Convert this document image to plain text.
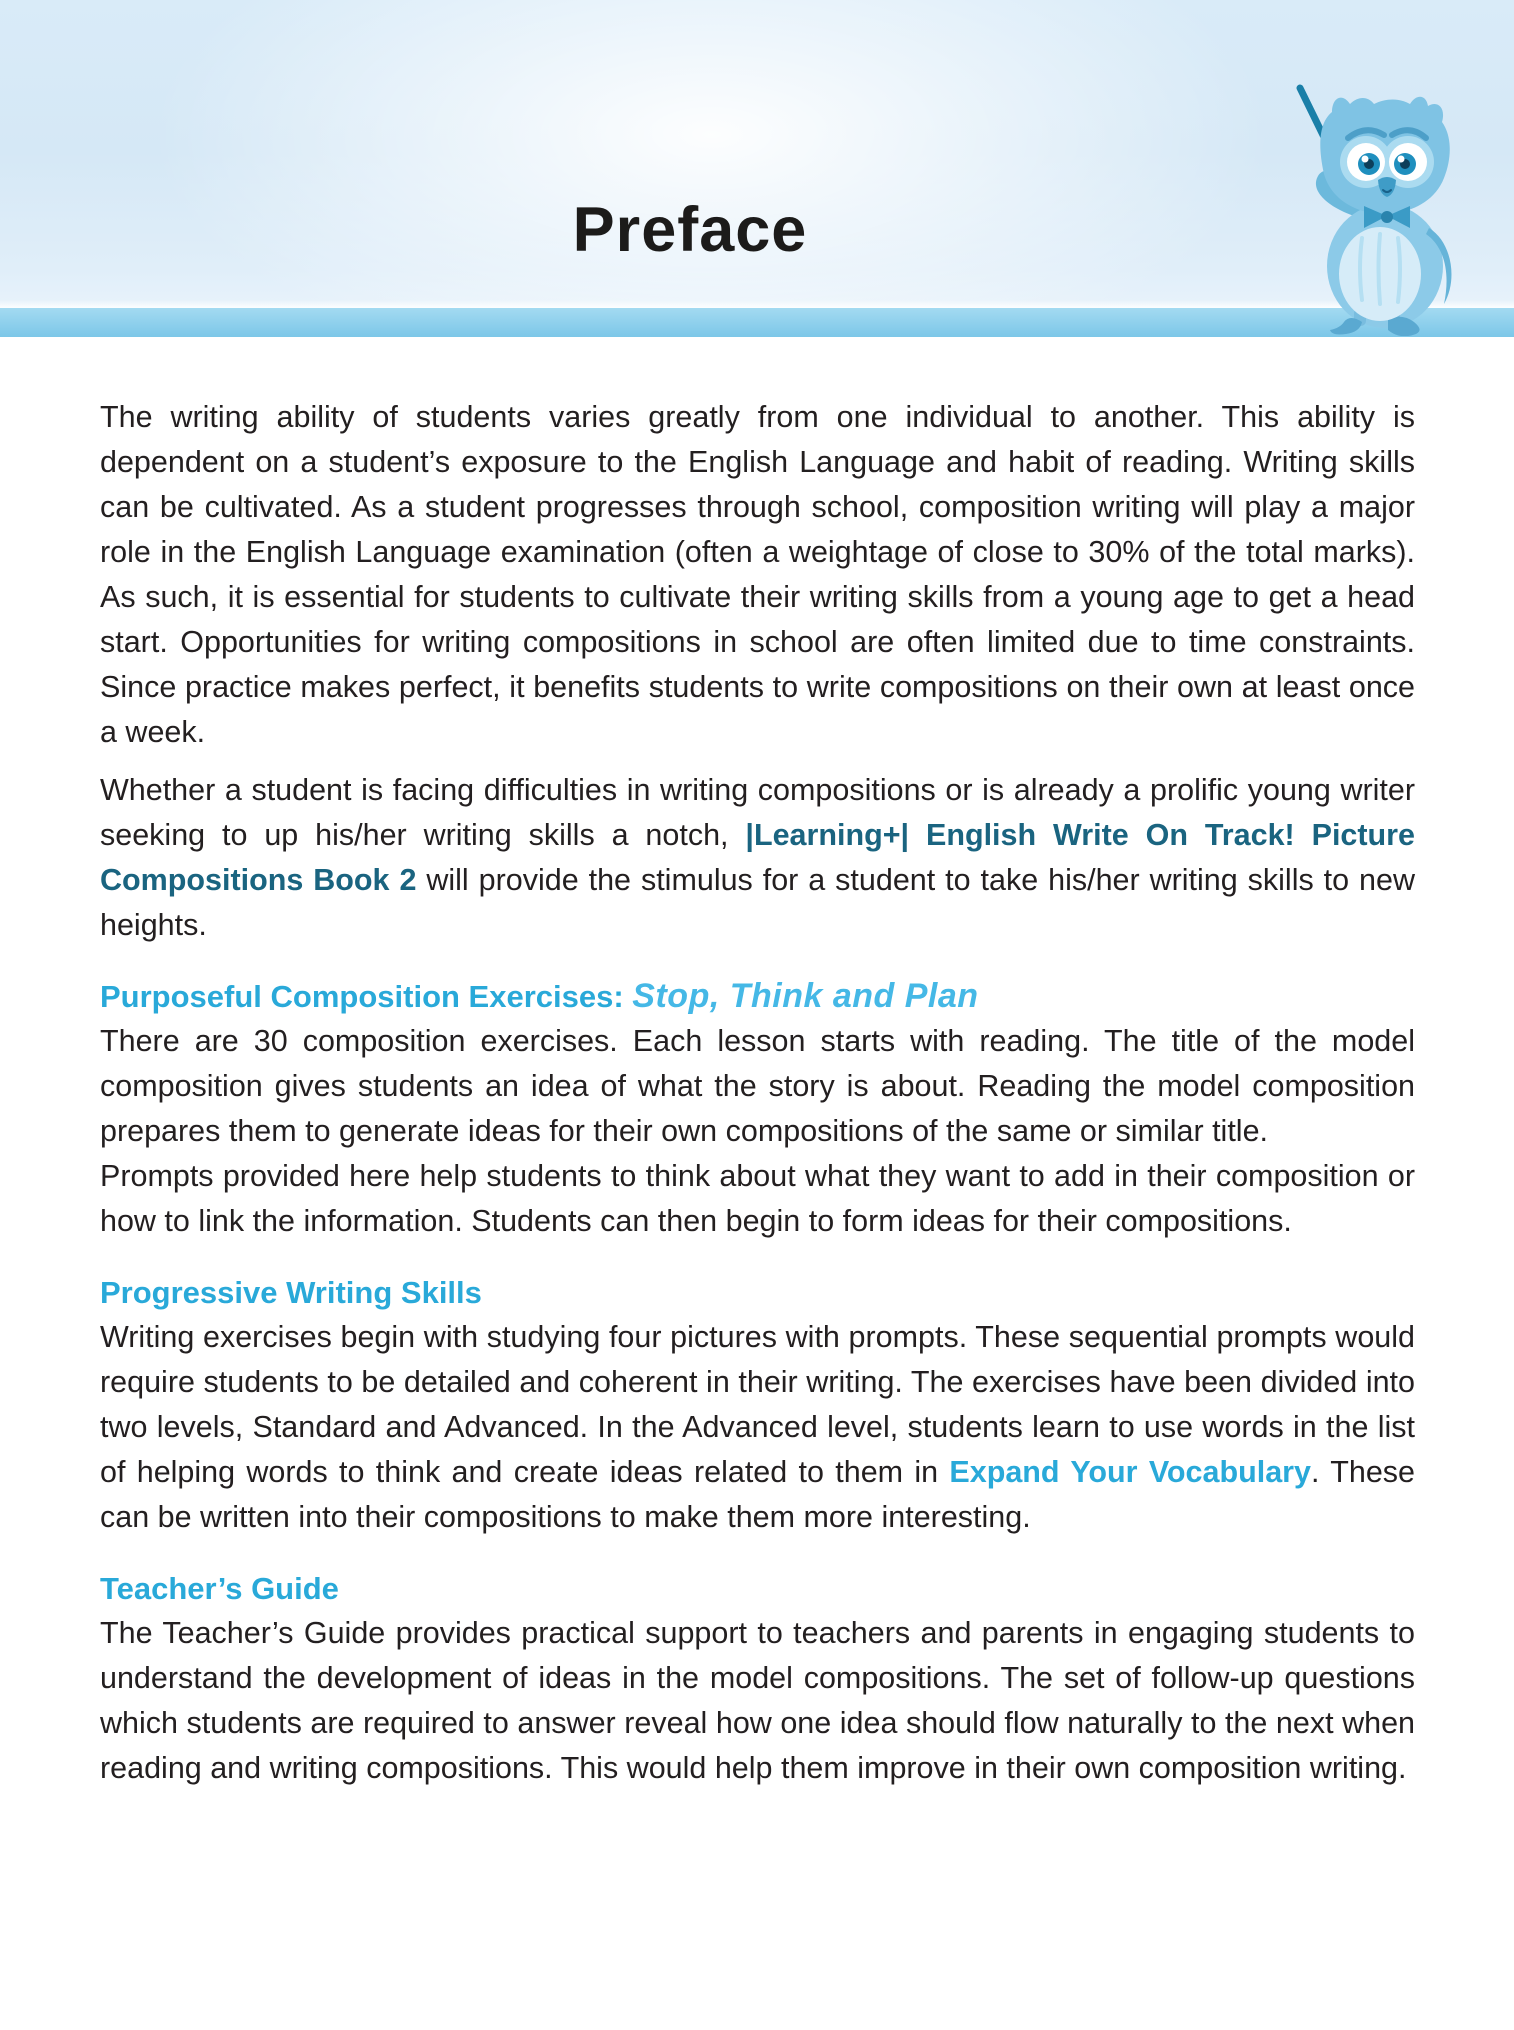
Preface

The writing ability of students varies greatly from one individual to another. This ability is dependent on a student’s exposure to the English Language and habit of reading. Writing skills can be cultivated. As a student progresses through school, composition writing will play a major role in the English Language examination (often a weightage of close to 30% of the total marks). As such, it is essential for students to cultivate their writing skills from a young age to get a head start. Opportunities for writing compositions in school are often limited due to time constraints. Since practice makes perfect, it benefits students to write compositions on their own at least once a week.

Whether a student is facing difficulties in writing compositions or is already a prolific young writer seeking to up his/her writing skills a notch, |Learning+| English Write On Track! Picture Compositions Book 2 will provide the stimulus for a student to take his/her writing skills to new heights.

Purposeful Composition Exercises: Stop, Think and Plan

There are 30 composition exercises. Each lesson starts with reading. The title of the model composition gives students an idea of what the story is about. Reading the model composition prepares them to generate ideas for their own compositions of the same or similar title.

Prompts provided here help students to think about what they want to add in their composition or how to link the information. Students can then begin to form ideas for their compositions.

Progressive Writing Skills

Writing exercises begin with studying four pictures with prompts. These sequential prompts would require students to be detailed and coherent in their writing. The exercises have been divided into two levels, Standard and Advanced. In the Advanced level, students learn to use words in the list of helping words to think and create ideas related to them in Expand Your Vocabulary. These can be written into their compositions to make them more interesting.

Teacher’s Guide

The Teacher’s Guide provides practical support to teachers and parents in engaging students to understand the development of ideas in the model compositions. The set of follow-up questions which students are required to answer reveal how one idea should flow naturally to the next when reading and writing compositions. This would help them improve in their own composition writing.
